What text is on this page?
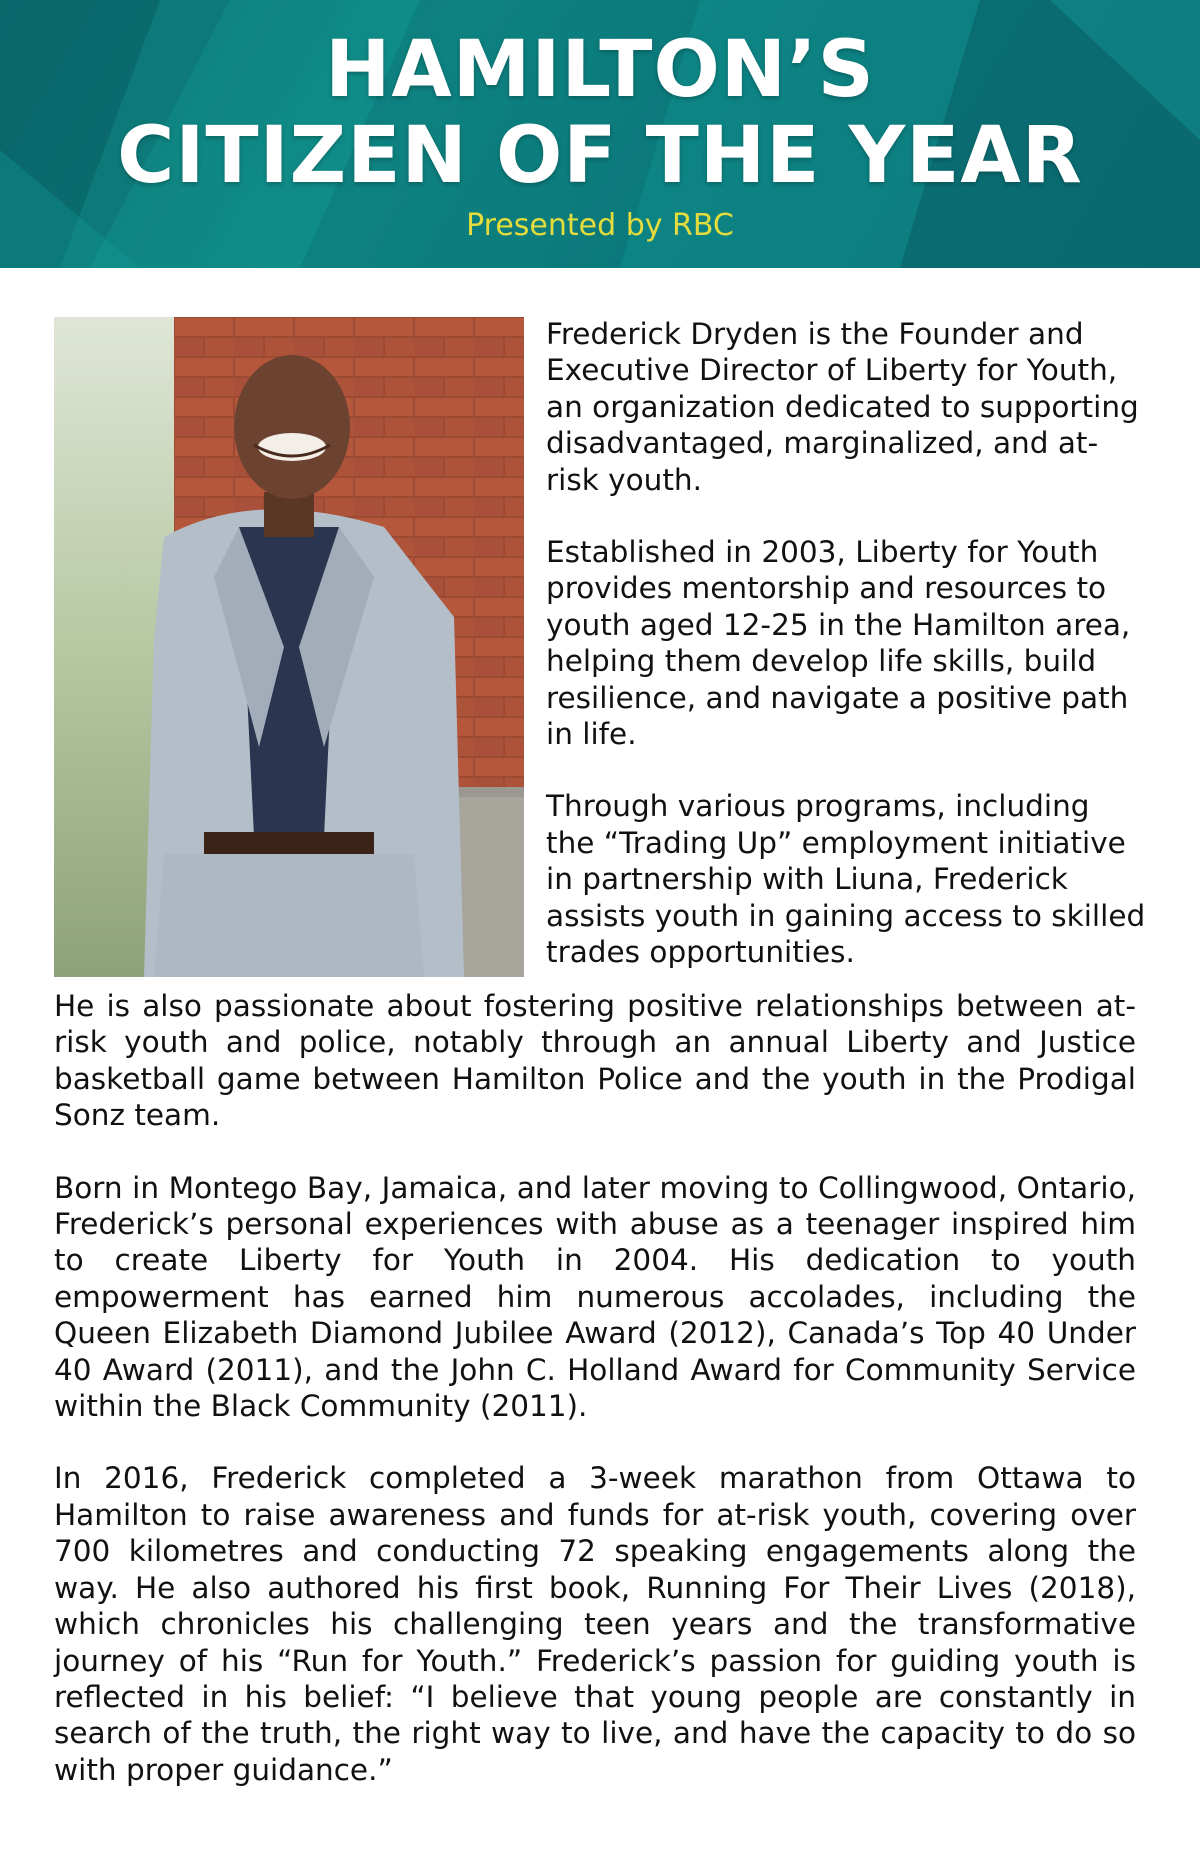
HAMILTON’S
CITIZEN OF THE YEAR
Presented by RBC

Frederick Dryden is the Founder and Executive Director of Liberty for Youth, an organization dedicated to supporting disadvantaged, marginalized, and at-risk youth.

Established in 2003, Liberty for Youth provides mentorship and resources to youth aged 12-25 in the Hamilton area, helping them develop life skills, build resilience, and navigate a positive path in life.

Through various programs, including the “Trading Up” employment initiative in partnership with Liuna, Frederick assists youth in gaining access to skilled trades opportunities.

He is also passionate about fostering positive relationships between at-risk youth and police, notably through an annual Liberty and Justice basketball game between Hamilton Police and the youth in the Prodigal Sonz team.

Born in Montego Bay, Jamaica, and later moving to Collingwood, Ontario, Frederick’s personal experiences with abuse as a teenager inspired him to create Liberty for Youth in 2004. His dedication to youth empowerment has earned him numerous accolades, including the Queen Elizabeth Diamond Jubilee Award (2012), Canada’s Top 40 Under 40 Award (2011), and the John C. Holland Award for Community Service within the Black Community (2011).

In 2016, Frederick completed a 3-week marathon from Ottawa to Hamilton to raise awareness and funds for at-risk youth, covering over 700 kilometres and conducting 72 speaking engagements along the way. He also authored his first book, Running For Their Lives (2018), which chronicles his challenging teen years and the transformative journey of his “Run for Youth.” Frederick’s passion for guiding youth is reflected in his belief: “I believe that young people are constantly in search of the truth, the right way to live, and have the capacity to do so with proper guidance.”
